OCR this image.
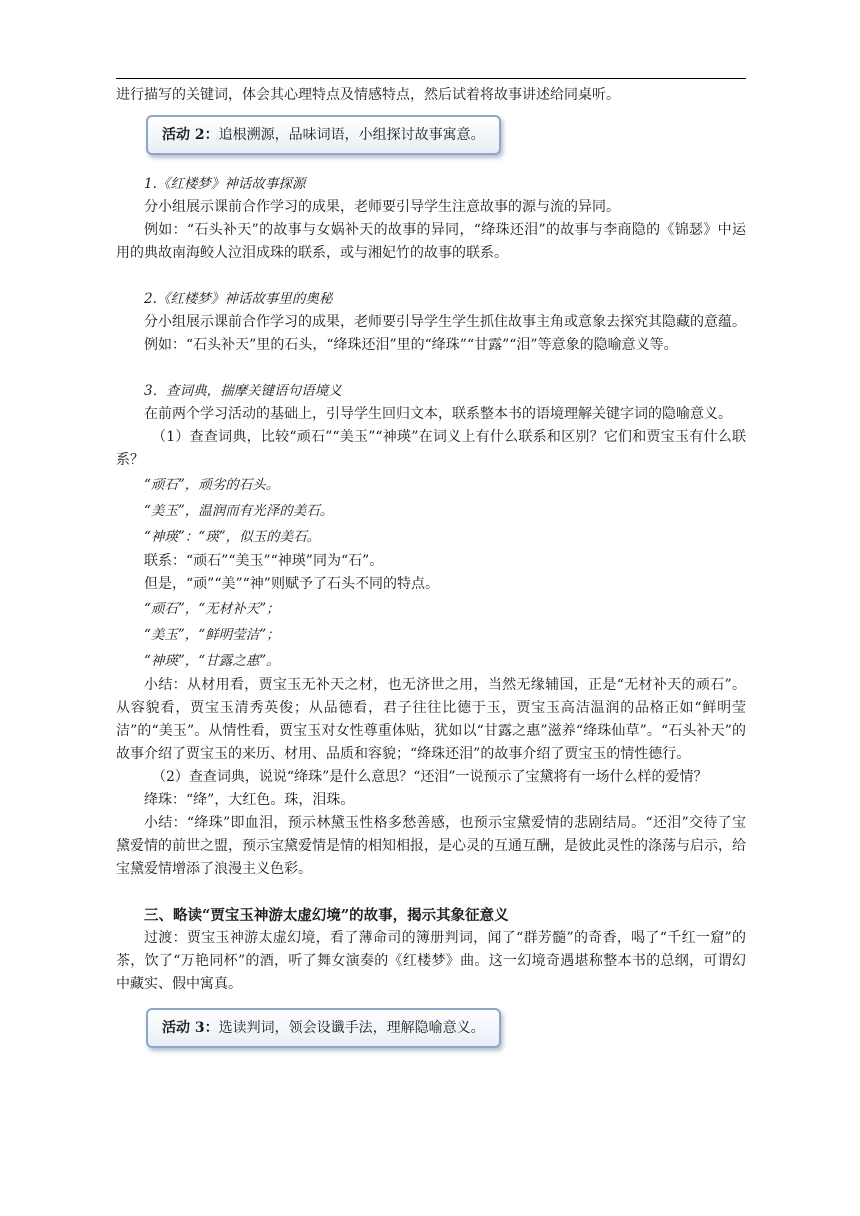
进行描写的关键词，体会其心理特点及情感特点，然后试着将故事讲述给同桌听。

活动 2：追根溯源，品味词语，小组探讨故事寓意。

1.《红楼梦》神话故事探源

分小组展示课前合作学习的成果，老师要引导学生注意故事的源与流的异同。

例如：“石头补天”的故事与女娲补天的故事的异同，“绛珠还泪”的故事与李商隐的《锦瑟》中运用的典故南海鲛人泣泪成珠的联系，或与湘妃竹的故事的联系。

2.《红楼梦》神话故事里的奥秘

分小组展示课前合作学习的成果，老师要引导学生学生抓住故事主角或意象去探究其隐藏的意蕴。

例如：“石头补天”里的石头，“绛珠还泪”里的“绛珠”“甘露”“泪”等意象的隐喻意义等。

3．查词典，揣摩关键语句语境义

在前两个学习活动的基础上，引导学生回归文本，联系整本书的语境理解关键字词的隐喻意义。

（1）查查词典，比较“顽石”“美玉”“神瑛”在词义上有什么联系和区别？它们和贾宝玉有什么联系？

“顽石”，顽劣的石头。

“美玉”，温润而有光泽的美石。

“神瑛”：“瑛”，似玉的美石。

联系：“顽石”“美玉”“神瑛”同为“石”。

但是，“顽”“美”“神”则赋予了石头不同的特点。

“顽石”，“无材补天”；

“美玉”，“鲜明莹洁”；

“神瑛”，“甘露之惠”。

小结：从材用看，贾宝玉无补天之材，也无济世之用，当然无缘辅国，正是“无材补天的顽石”。从容貌看，贾宝玉清秀英俊；从品德看，君子往往比德于玉，贾宝玉高洁温润的品格正如“鲜明莹洁”的“美玉”。从情性看，贾宝玉对女性尊重体贴，犹如以“甘露之惠”滋养“绛珠仙草”。“石头补天”的故事介绍了贾宝玉的来历、材用、品质和容貌；“绛珠还泪”的故事介绍了贾宝玉的情性德行。

（2）查查词典，说说“绛珠”是什么意思？“还泪”一说预示了宝黛将有一场什么样的爱情？

绛珠：“绛”，大红色。珠，泪珠。

小结：“绛珠”即血泪，预示林黛玉性格多愁善感，也预示宝黛爱情的悲剧结局。“还泪”交待了宝黛爱情的前世之盟，预示宝黛爱情是情的相知相报，是心灵的互通互酬，是彼此灵性的涤荡与启示，给宝黛爱情增添了浪漫主义色彩。

三、略读“贾宝玉神游太虚幻境”的故事，揭示其象征意义

过渡：贾宝玉神游太虚幻境，看了薄命司的簿册判词，闻了“群芳髓”的奇香，喝了“千红一窟”的茶，饮了“万艳同杯”的酒，听了舞女演奏的《红楼梦》曲。这一幻境奇遇堪称整本书的总纲，可谓幻中藏实、假中寓真。

活动 3：选读判词，领会设谶手法，理解隐喻意义。
